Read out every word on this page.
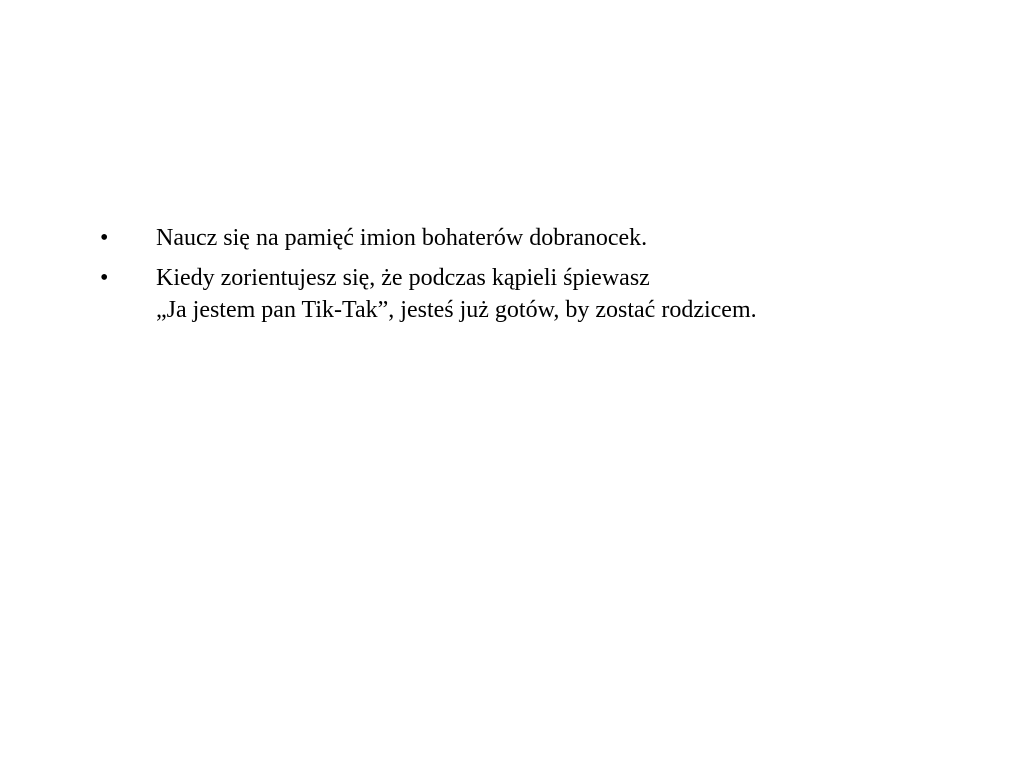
•	Naucz się na pamięć imion bohaterów dobranocek.
•	Kiedy zorientujesz się, że podczas kąpieli śpiewasz
„Ja jestem pan Tik-Tak”, jesteś już gotów, by zostać rodzicem.
